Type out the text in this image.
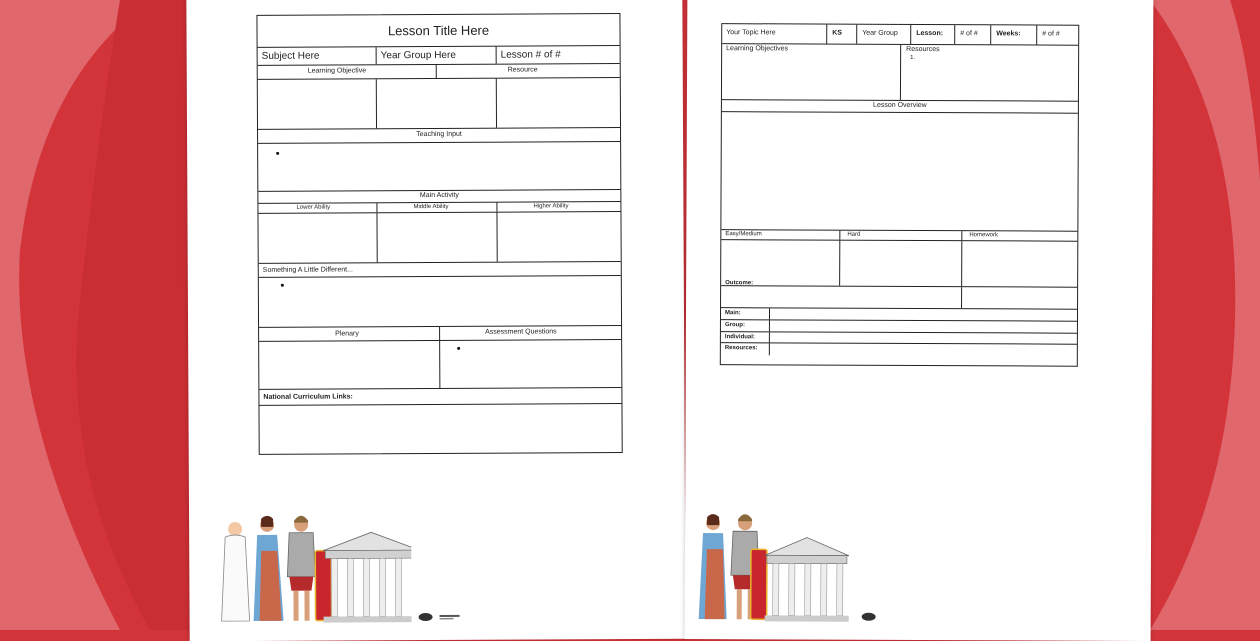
Lesson Title Here
Subject Here	Year Group Here	Lesson # of #
Learning Objective	Resource
Teaching Input
Main Activity
Lower Ability	Middle Ability	Higher Ability
Something A Little Different...
Plenary	Assessment Questions
National Curriculum Links:
Your Topic Here	KS	Year Group	Lesson: # of #	Weeks:	# of #
Learning Objectives	Resources
1.
Lesson Overview
Easy/Medium	Hard	Homework
Outcome:
Main:
Group:
Individual:
Resources:
